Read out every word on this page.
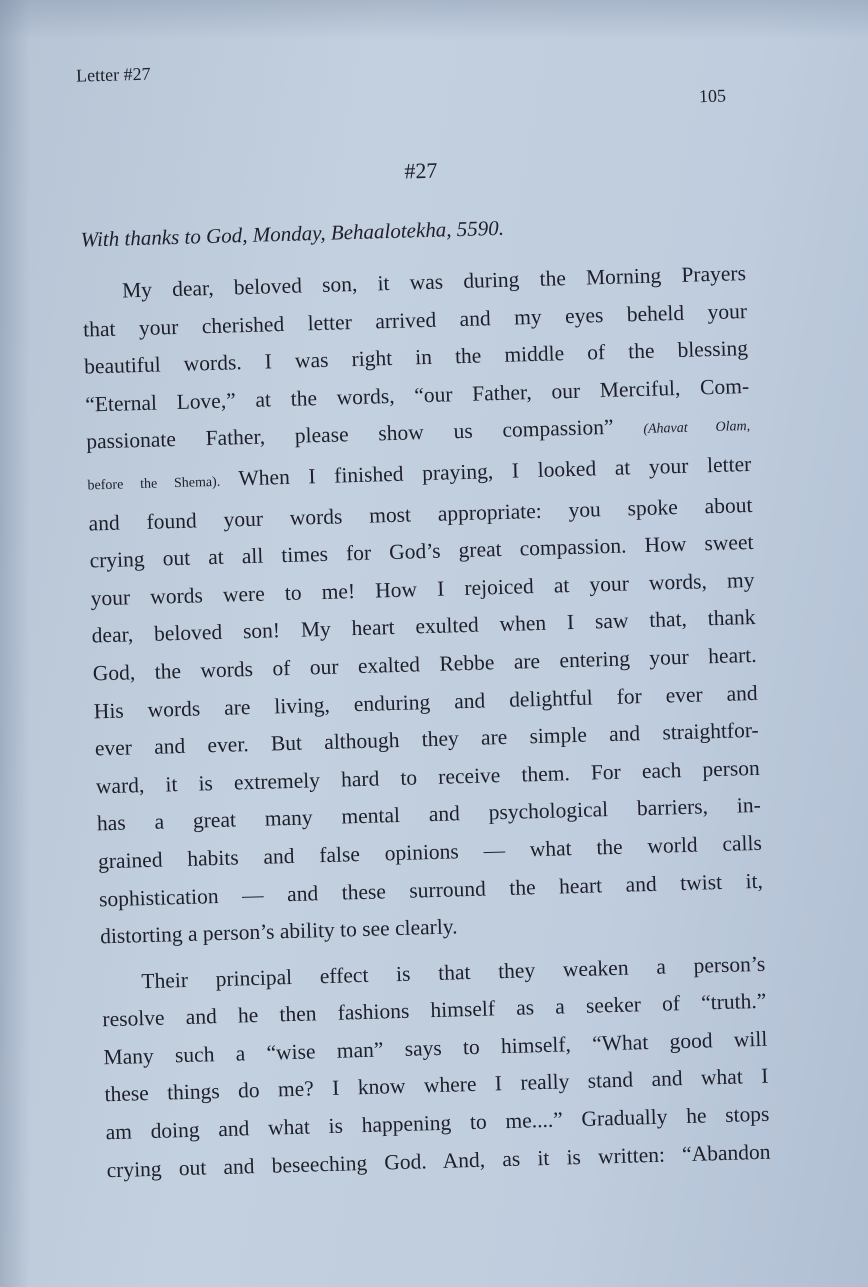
Letter #27
105
#27
With thanks to God, Monday, Behaalotekha, 5590.
My dear, beloved son, it was during the Morning Prayers
that your cherished letter arrived and my eyes beheld your
beautiful words. I was right in the middle of the blessing
“Eternal Love,” at the words, “our Father, our Merciful, Com-
passionate Father, please show us compassion” (Ahavat Olam,
before the Shema). When I finished praying, I looked at your letter
and found your words most appropriate: you spoke about
crying out at all times for God’s great compassion. How sweet
your words were to me! How I rejoiced at your words, my
dear, beloved son! My heart exulted when I saw that, thank
God, the words of our exalted Rebbe are entering your heart.
His words are living, enduring and delightful for ever and
ever and ever. But although they are simple and straightfor-
ward, it is extremely hard to receive them. For each person
has a great many mental and psychological barriers, in-
grained habits and false opinions — what the world calls
sophistication — and these surround the heart and twist it,
distorting a person’s ability to see clearly.
Their principal effect is that they weaken a person’s
resolve and he then fashions himself as a seeker of “truth.”
Many such a “wise man” says to himself, “What good will
these things do me? I know where I really stand and what I
am doing and what is happening to me....” Gradually he stops
crying out and beseeching God. And, as it is written: “Abandon
